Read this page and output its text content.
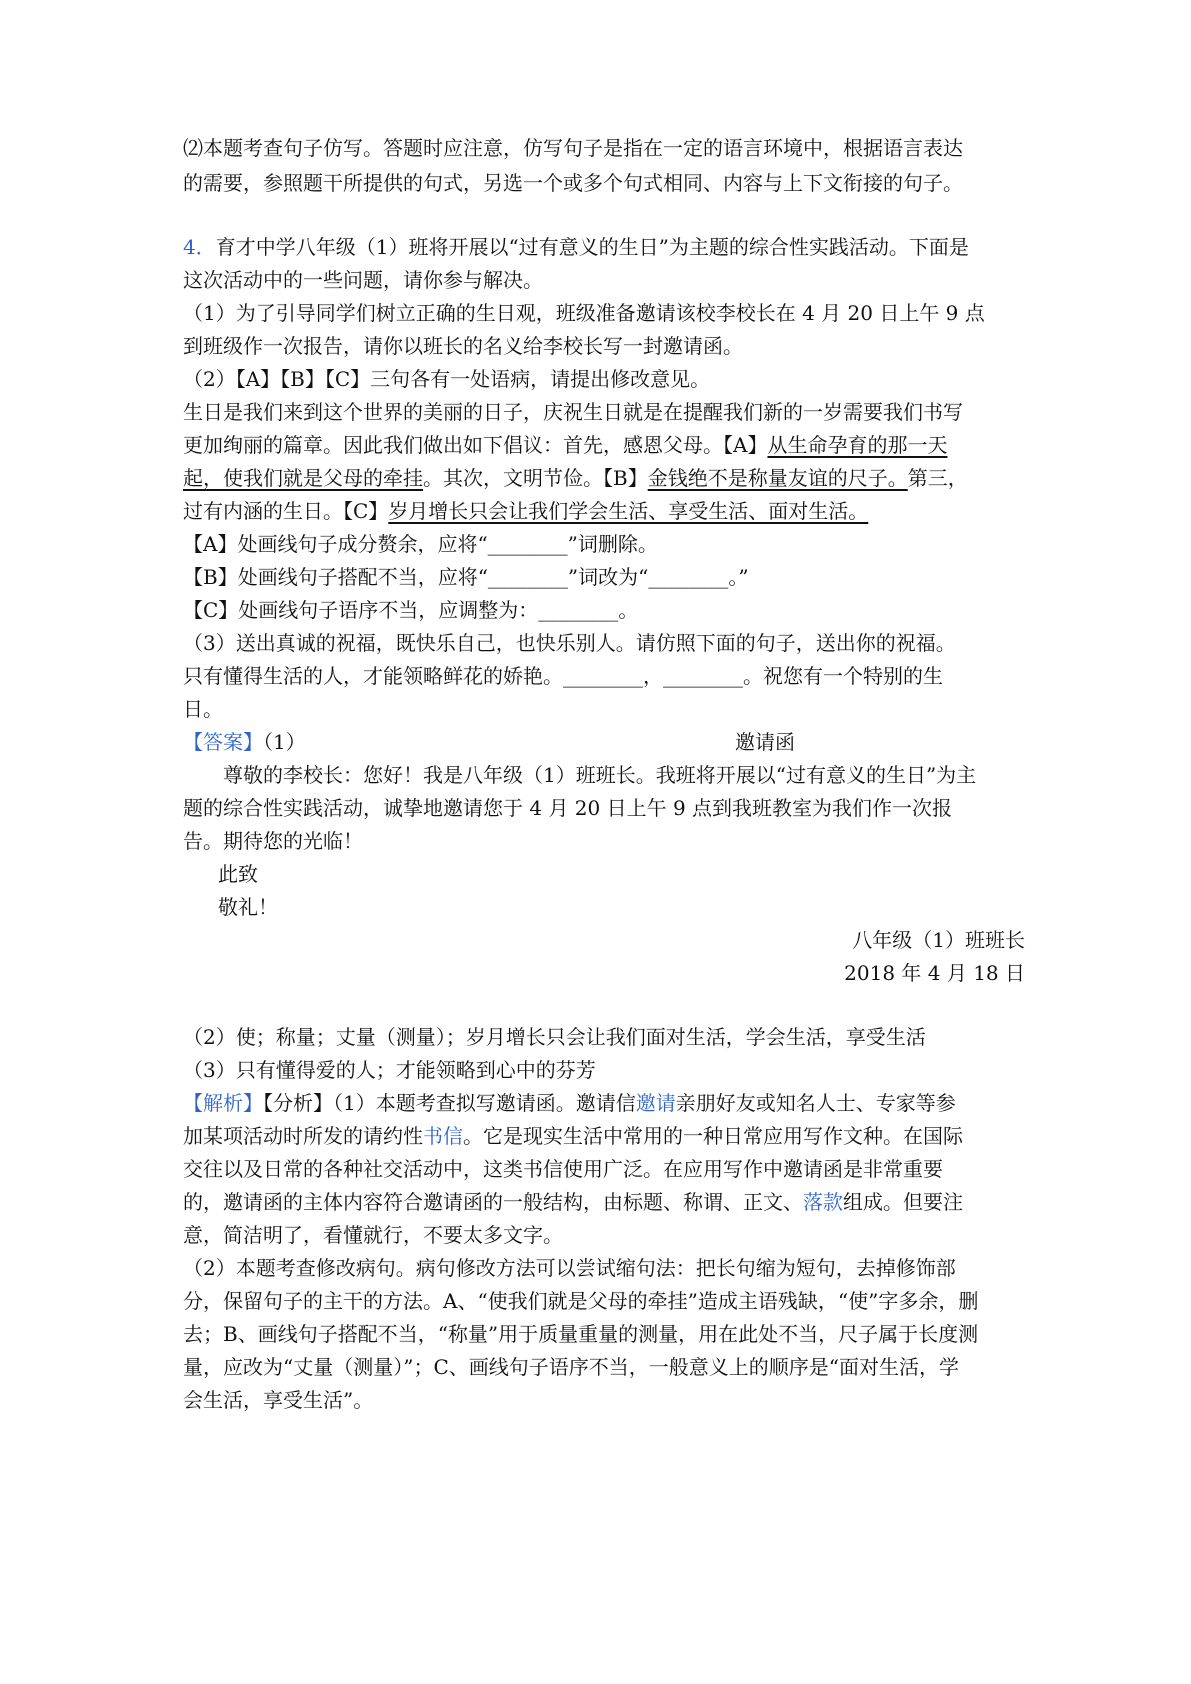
⑵本题考查句子仿写。答题时应注意，仿写句子是指在一定的语言环境中，根据语言表达
的需要，参照题干所提供的句式，另选一个或多个句式相同、内容与上下文衔接的句子。
4．育才中学八年级（1）班将开展以“过有意义的生日”为主题的综合性实践活动。下面是
这次活动中的一些问题，请你参与解决。
（1）为了引导同学们树立正确的生日观，班级准备邀请该校李校长在 4 月 20 日上午 9 点
到班级作一次报告，请你以班长的名义给李校长写一封邀请函。
（2）【A】【B】【C】三句各有一处语病，请提出修改意见。
生日是我们来到这个世界的美丽的日子，庆祝生日就是在提醒我们新的一岁需要我们书写
更加绚丽的篇章。因此我们做出如下倡议：首先，感恩父母。【A】从生命孕育的那一天
起，使我们就是父母的牵挂。其次，文明节俭。【B】金钱绝不是称量友谊的尺子。第三，
过有内涵的生日。【C】岁月增长只会让我们学会生活、享受生活、面对生活。
【A】处画线句子成分赘余，应将“________”词删除。
【B】处画线句子搭配不当，应将“________”词改为“________。”
【C】处画线句子语序不当，应调整为：________。
（3）送出真诚的祝福，既快乐自己，也快乐别人。请仿照下面的句子，送出你的祝福。
只有懂得生活的人，才能领略鲜花的娇艳。________，________。祝您有一个特别的生
日。
【答案】（1）	邀请函
尊敬的李校长：您好！我是八年级（1）班班长。我班将开展以“过有意义的生日”为主
题的综合性实践活动，诚挚地邀请您于 4 月 20 日上午 9 点到我班教室为我们作一次报
告。期待您的光临！
此致
敬礼！
八年级（1）班班长
2018 年 4 月 18 日
（2）使；称量；丈量（测量）；岁月增长只会让我们面对生活，学会生活，享受生活
（3）只有懂得爱的人；才能领略到心中的芬芳
【解析】【分析】（1）本题考查拟写邀请函。邀请信邀请亲朋好友或知名人士、专家等参
加某项活动时所发的请约性书信。它是现实生活中常用的一种日常应用写作文种。在国际
交往以及日常的各种社交活动中，这类书信使用广泛。在应用写作中邀请函是非常重要
的，邀请函的主体内容符合邀请函的一般结构，由标题、称谓、正文、落款组成。但要注
意，简洁明了，看懂就行，不要太多文字。
（2）本题考查修改病句。病句修改方法可以尝试缩句法：把长句缩为短句，去掉修饰部
分，保留句子的主干的方法。A、“使我们就是父母的牵挂”造成主语残缺，“使”字多余，删
去；B、画线句子搭配不当，“称量”用于质量重量的测量，用在此处不当，尺子属于长度测
量，应改为“丈量（测量）”；C、画线句子语序不当，一般意义上的顺序是“面对生活，学
会生活，享受生活”。
